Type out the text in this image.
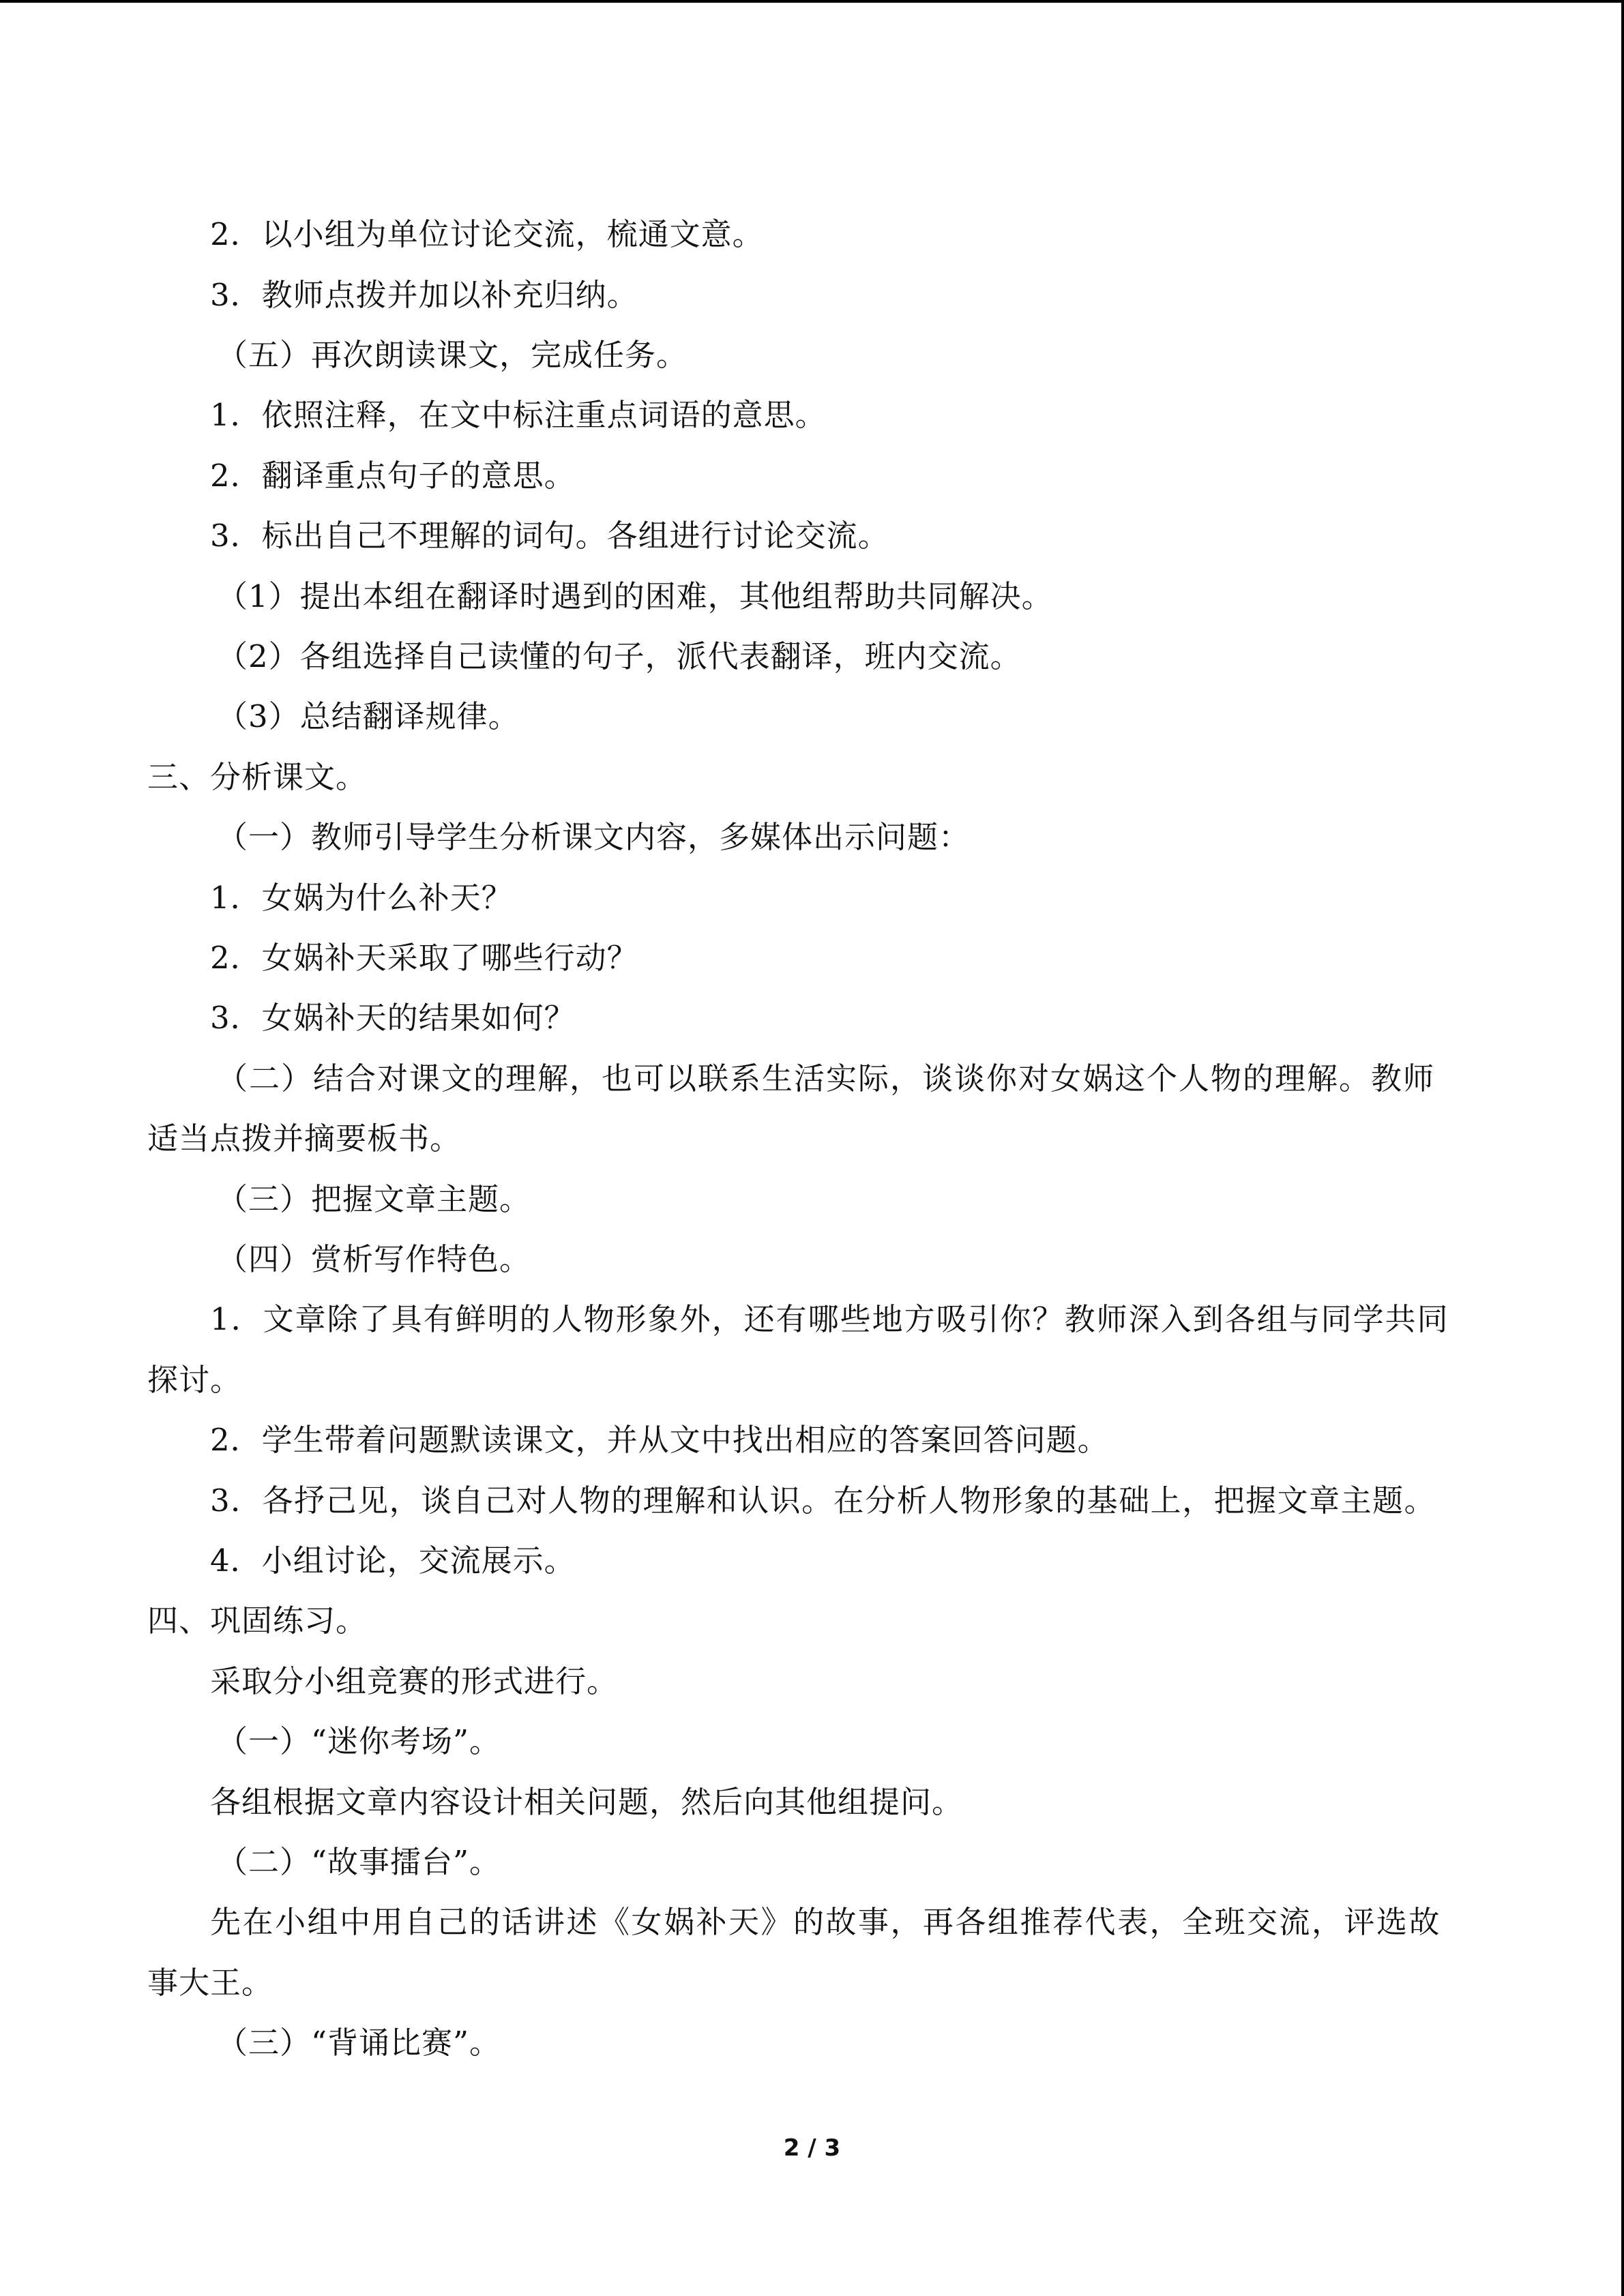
2．以小组为单位讨论交流，梳通文意。
3．教师点拨并加以补充归纳。
（五）再次朗读课文，完成任务。
1．依照注释，在文中标注重点词语的意思。
2．翻译重点句子的意思。
3．标出自己不理解的词句。各组进行讨论交流。
（1）提出本组在翻译时遇到的困难，其他组帮助共同解决。
（2）各组选择自己读懂的句子，派代表翻译，班内交流。
（3）总结翻译规律。
三、分析课文。
（一）教师引导学生分析课文内容，多媒体出示问题：
1．女娲为什么补天？
2．女娲补天采取了哪些行动？
3．女娲补天的结果如何？
（二）结合对课文的理解，也可以联系生活实际，谈谈你对女娲这个人物的理解。教师
适当点拨并摘要板书。
（三）把握文章主题。
（四）赏析写作特色。
1．文章除了具有鲜明的人物形象外，还有哪些地方吸引你？教师深入到各组与同学共同
探讨。
2．学生带着问题默读课文，并从文中找出相应的答案回答问题。
3．各抒己见，谈自己对人物的理解和认识。在分析人物形象的基础上，把握文章主题。
4．小组讨论，交流展示。
四、巩固练习。
采取分小组竞赛的形式进行。
（一）“迷你考场”。
各组根据文章内容设计相关问题，然后向其他组提问。
（二）“故事擂台”。
先在小组中用自己的话讲述《女娲补天》的故事，再各组推荐代表，全班交流，评选故
事大王。
（三）“背诵比赛”。
2 / 3
